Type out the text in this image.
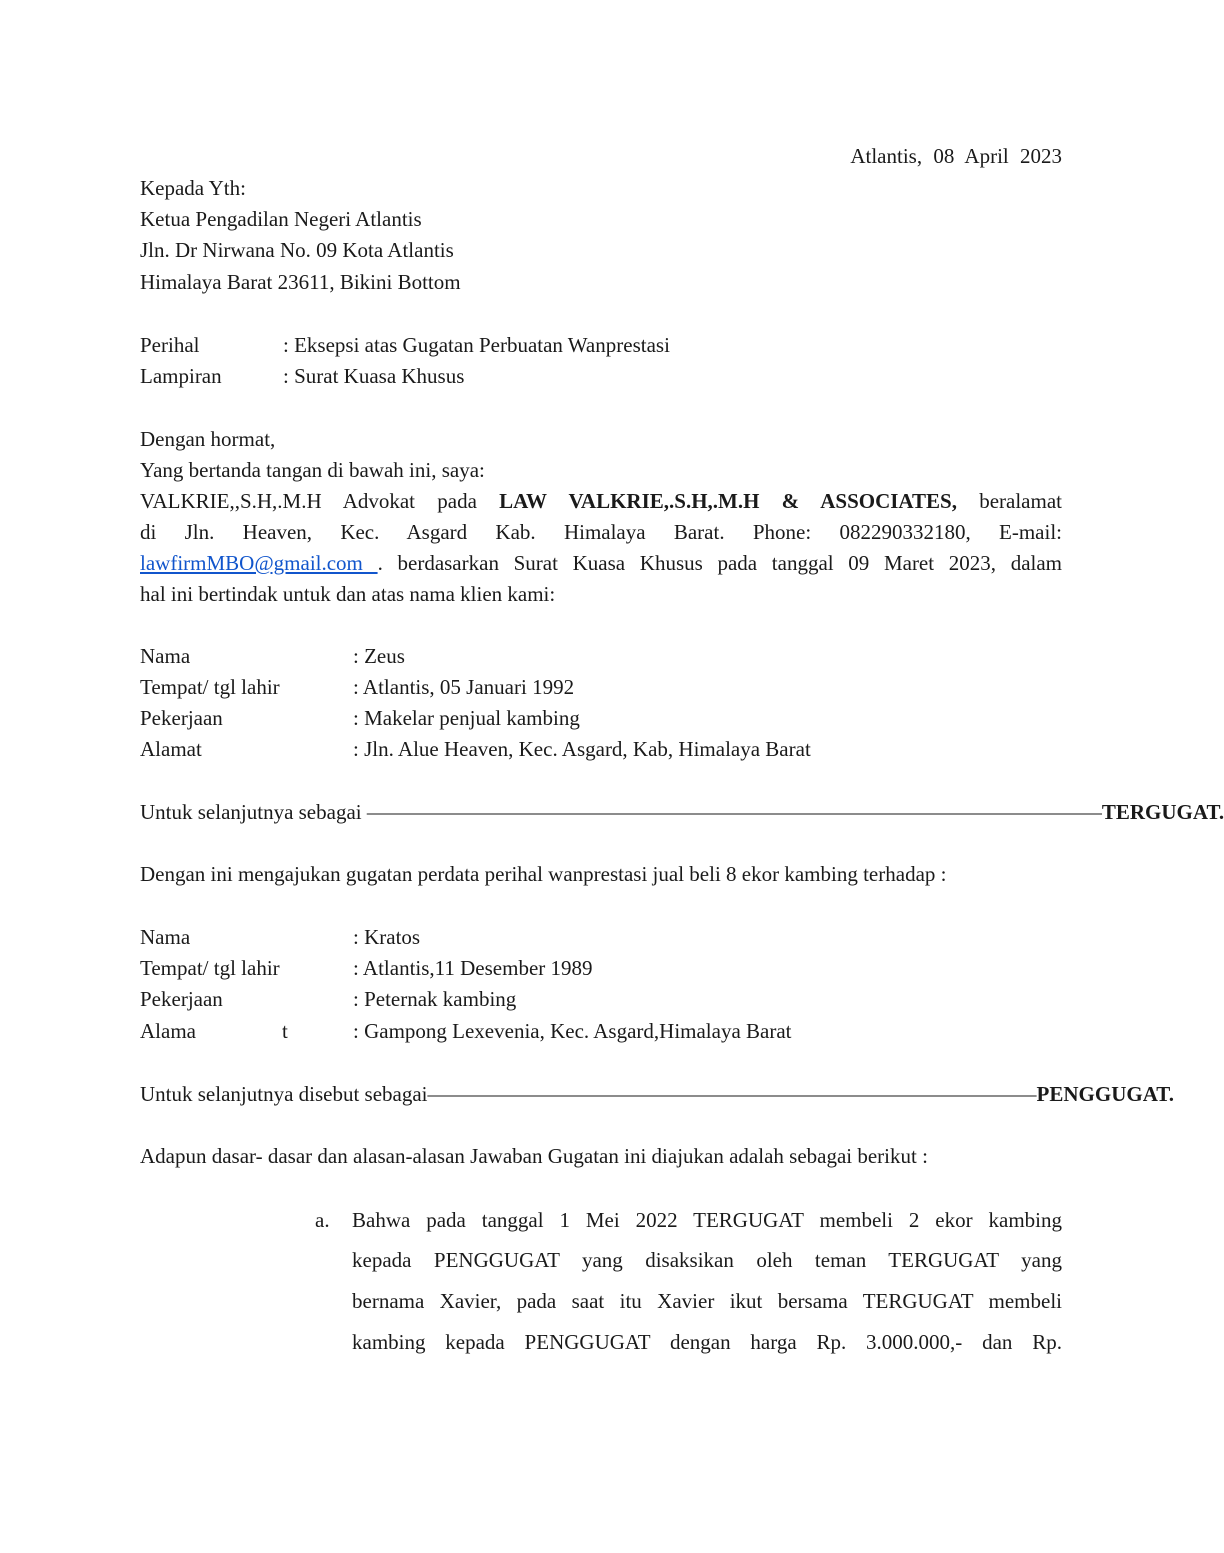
Atlantis, 08 April 2023
Kepada Yth:
Ketua Pengadilan Negeri Atlantis
Jln. Dr Nirwana No. 09 Kota Atlantis
Himalaya Barat 23611, Bikini Bottom
Perihal	: Eksepsi atas Gugatan Perbuatan Wanprestasi
Lampiran	: Surat Kuasa Khusus
Dengan hormat,
Yang bertanda tangan di bawah ini, saya:
VALKRIE,,S.H,.M.H Advokat pada LAW VALKRIE,.S.H,.M.H & ASSOCIATES, beralamat
di Jln. Heaven, Kec. Asgard Kab. Himalaya Barat. Phone: 082290332180, E-mail:
lawfirmMBO@gmail.com . berdasarkan Surat Kuasa Khusus pada tanggal 09 Maret 2023, dalam
hal ini bertindak untuk dan atas nama klien kami:
Nama	: Zeus
Tempat/ tgl lahir	: Atlantis, 05 Januari 1992
Pekerjaan	: Makelar penjual kambing
Alamat	: Jln. Alue Heaven, Kec. Asgard, Kab, Himalaya Barat
Untuk selanjutnya sebagai ———————————————————————————————————TERGUGAT.
Dengan ini mengajukan gugatan perdata perihal wanprestasi jual beli 8 ekor kambing terhadap :
Nama	: Kratos
Tempat/ tgl lahir	: Atlantis,11 Desember 1989
Pekerjaan	: Peternak kambing
Alama	t	: Gampong Lexevenia, Kec. Asgard,Himalaya Barat
Untuk selanjutnya disebut sebagai—————————————————————————————PENGGUGAT.
Adapun dasar- dasar dan alasan-alasan Jawaban Gugatan ini diajukan adalah sebagai berikut :
a. Bahwa pada tanggal 1 Mei 2022 TERGUGAT membeli 2 ekor kambing
kepada PENGGUGAT yang disaksikan oleh teman TERGUGAT yang
bernama Xavier, pada saat itu Xavier ikut bersama TERGUGAT membeli
kambing kepada PENGGUGAT dengan harga Rp. 3.000.000,- dan Rp.
